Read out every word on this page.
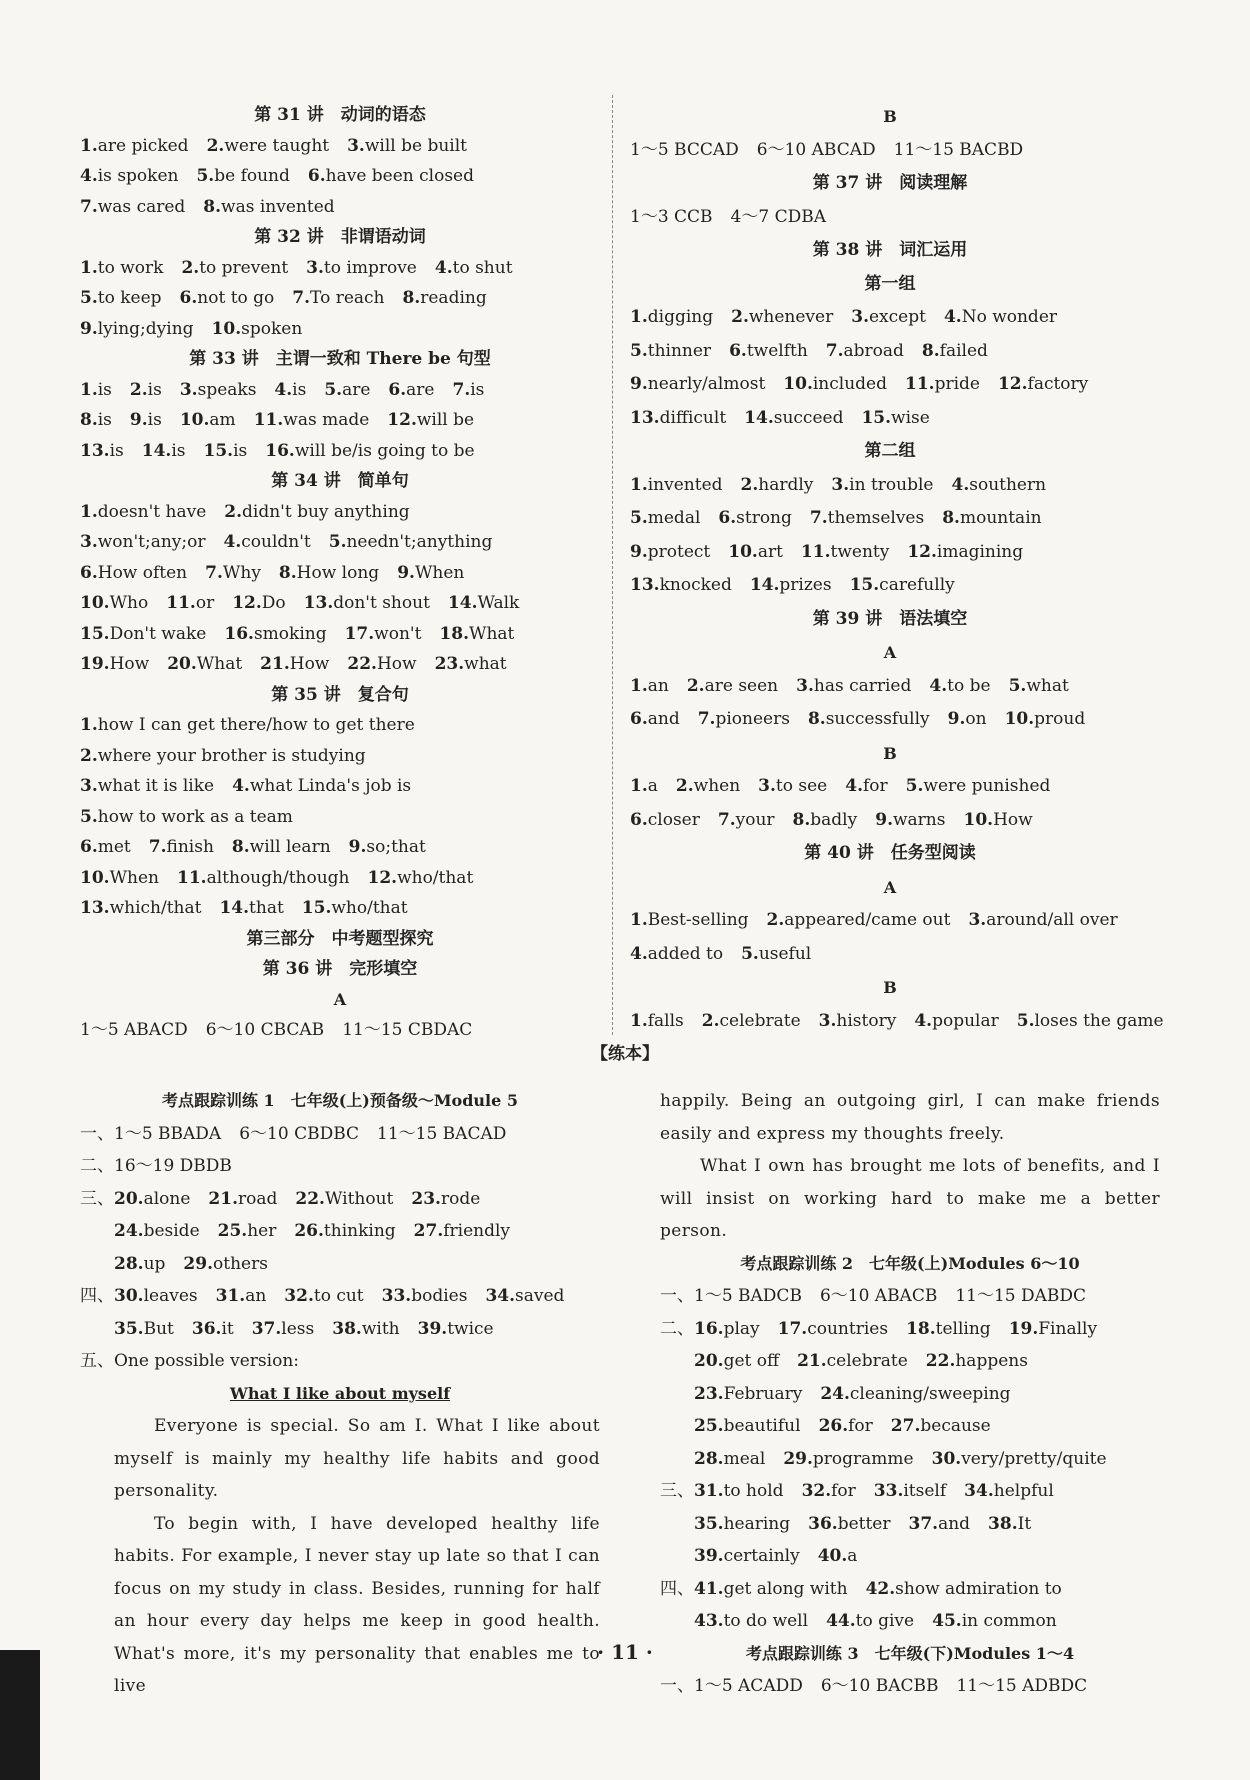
第 31 讲　动词的语态
1.are picked 2.were taught 3.will be built
4.is spoken 5.be found 6.have been closed
7.was cared 8.was invented
第 32 讲　非谓语动词
1.to work 2.to prevent 3.to improve 4.to shut
5.to keep 6.not to go 7.To reach 8.reading
9.lying;dying 10.spoken
第 33 讲　主谓一致和 There be 句型
1.is 2.is 3.speaks 4.is 5.are 6.are 7.is
8.is 9.is 10.am 11.was made 12.will be
13.is 14.is 15.is 16.will be/is going to be
第 34 讲　简单句
1.doesn't have 2.didn't buy anything
3.won't;any;or 4.couldn't 5.needn't;anything
6.How often 7.Why 8.How long 9.When
10.Who 11.or 12.Do 13.don't shout 14.Walk
15.Don't wake 16.smoking 17.won't 18.What
19.How 20.What 21.How 22.How 23.what
第 35 讲　复合句
1.how I can get there/how to get there
2.where your brother is studying
3.what it is like 4.what Linda's job is
5.how to work as a team
6.met 7.finish 8.will learn 9.so;that
10.When 11.although/though 12.who/that
13.which/that 14.that 15.who/that
第三部分　中考题型探究
第 36 讲　完形填空
A
1～5 ABACD 6～10 CBCAB 11～15 CBDAC
B
1～5 BCCAD 6～10 ABCAD 11～15 BACBD
第 37 讲　阅读理解
1～3 CCB 4～7 CDBA
第 38 讲　词汇运用
第一组
1.digging 2.whenever 3.except 4.No wonder
5.thinner 6.twelfth 7.abroad 8.failed
9.nearly/almost 10.included 11.pride 12.factory
13.difficult 14.succeed 15.wise
第二组
1.invented 2.hardly 3.in trouble 4.southern
5.medal 6.strong 7.themselves 8.mountain
9.protect 10.art 11.twenty 12.imagining
13.knocked 14.prizes 15.carefully
第 39 讲　语法填空
A
1.an 2.are seen 3.has carried 4.to be 5.what
6.and 7.pioneers 8.successfully 9.on 10.proud
B
1.a 2.when 3.to see 4.for 5.were punished
6.closer 7.your 8.badly 9.warns 10.How
第 40 讲　任务型阅读
A
1.Best-selling 2.appeared/came out 3.around/all over
4.added to 5.useful
B
1.falls 2.celebrate 3.history 4.popular 5.loses the game
【练本】
考点跟踪训练 1　七年级(上)预备级～Module 5
一、1～5 BBADA 6～10 CBDBC 11～15 BACAD
二、16～19 DBDB
三、20.alone 21.road 22.Without 23.rode
24.beside 25.her 26.thinking 27.friendly
28.up 29.others
四、30.leaves 31.an 32.to cut 33.bodies 34.saved
35.But 36.it 37.less 38.with 39.twice
五、One possible version:
What I like about myself

Everyone is special. So am I. What I like about myself is mainly my healthy life habits and good personality.

To begin with, I have developed healthy life habits. For example, I never stay up late so that I can focus on my study in class. Besides, running for half an hour every day helps me keep in good health. What's more, it's my personality that enables me to live

happily. Being an outgoing girl, I can make friends easily and express my thoughts freely.

What I own has brought me lots of benefits, and I will insist on working hard to make me a better person.

考点跟踪训练 2　七年级(上)Modules 6～10
一、1～5 BADCB 6～10 ABACB 11～15 DABDC
二、16.play 17.countries 18.telling 19.Finally
20.get off 21.celebrate 22.happens
23.February 24.cleaning/sweeping
25.beautiful 26.for 27.because
28.meal 29.programme 30.very/pretty/quite
三、31.to hold 32.for 33.itself 34.helpful
35.hearing 36.better 37.and 38.It
39.certainly 40.a
四、41.get along with 42.show admiration to
43.to do well 44.to give 45.in common
考点跟踪训练 3　七年级(下)Modules 1～4
一、1～5 ACADD 6～10 BACBB 11～15 ADBDC
· 11 ·
